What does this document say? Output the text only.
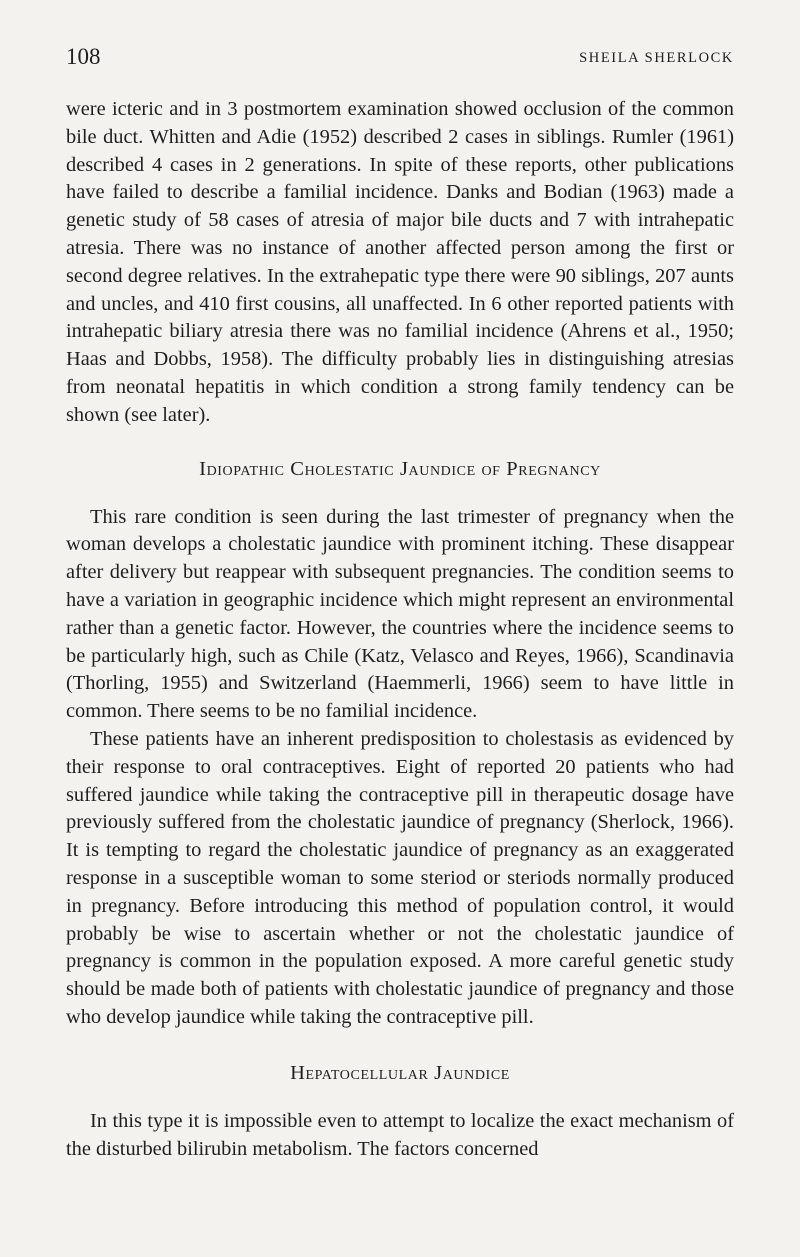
108	SHEILA SHERLOCK

were icteric and in 3 postmortem examination showed occlusion of the common bile duct. Whitten and Adie (1952) described 2 cases in siblings. Rumler (1961) described 4 cases in 2 generations. In spite of these reports, other publications have failed to describe a familial incidence. Danks and Bodian (1963) made a genetic study of 58 cases of atresia of major bile ducts and 7 with intrahepatic atresia. There was no instance of another affected person among the first or second degree relatives. In the extrahepatic type there were 90 siblings, 207 aunts and uncles, and 410 first cousins, all unaffected. In 6 other reported patients with intrahepatic biliary atresia there was no familial incidence (Ahrens et al., 1950; Haas and Dobbs, 1958). The difficulty probably lies in distinguishing atresias from neonatal hepatitis in which condition a strong family tendency can be shown (see later).

Idiopathic Cholestatic Jaundice of Pregnancy

This rare condition is seen during the last trimester of pregnancy when the woman develops a cholestatic jaundice with prominent itching. These disappear after delivery but reappear with subsequent pregnancies. The condition seems to have a variation in geographic incidence which might represent an environmental rather than a genetic factor. However, the countries where the incidence seems to be particularly high, such as Chile (Katz, Velasco and Reyes, 1966), Scandinavia (Thorling, 1955) and Switzerland (Haemmerli, 1966) seem to have little in common. There seems to be no familial incidence.

These patients have an inherent predisposition to cholestasis as evidenced by their response to oral contraceptives. Eight of reported 20 patients who had suffered jaundice while taking the contraceptive pill in therapeutic dosage have previously suffered from the cholestatic jaundice of pregnancy (Sherlock, 1966). It is tempting to regard the cholestatic jaundice of pregnancy as an exaggerated response in a susceptible woman to some steriod or steriods normally produced in pregnancy. Before introducing this method of population control, it would probably be wise to ascertain whether or not the cholestatic jaundice of pregnancy is common in the population exposed. A more careful genetic study should be made both of patients with cholestatic jaundice of pregnancy and those who develop jaundice while taking the contraceptive pill.

Hepatocellular Jaundice

In this type it is impossible even to attempt to localize the exact mechanism of the disturbed bilirubin metabolism. The factors concerned
